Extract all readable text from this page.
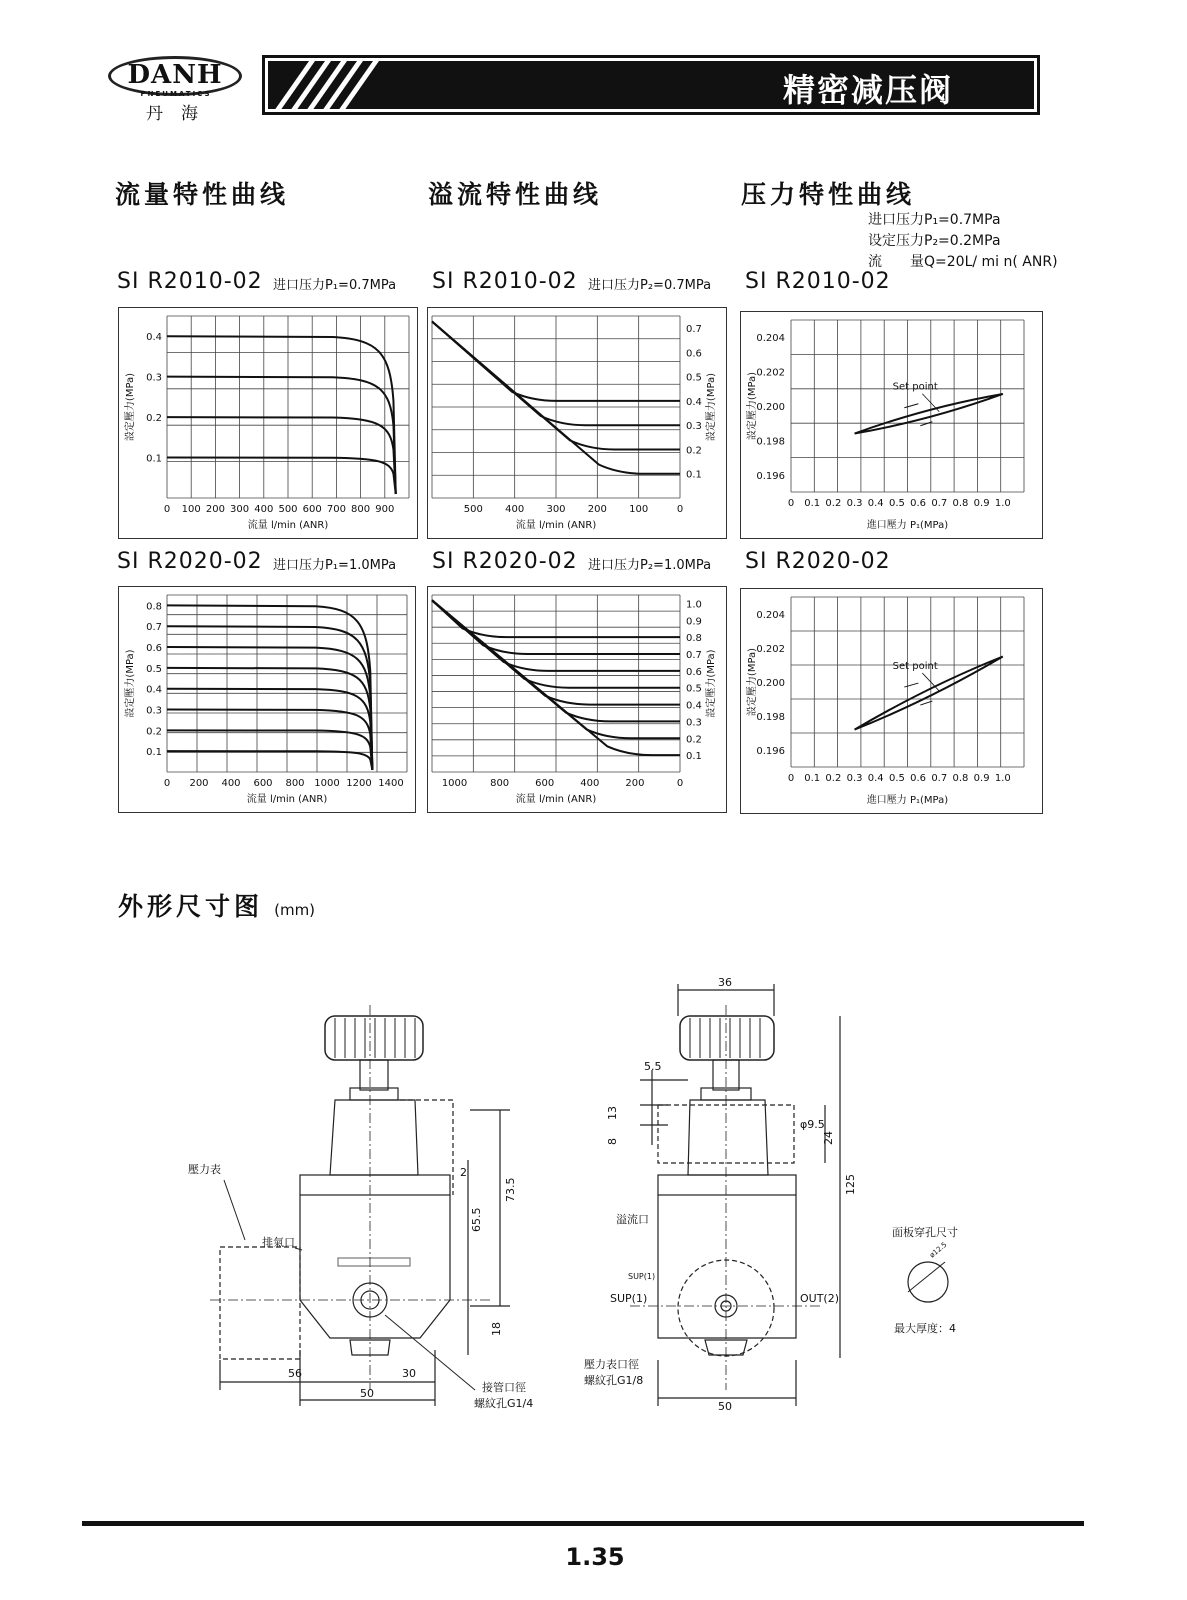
DANH
PNEUMATICS
丹海
精密减压阀
流量特性曲线	溢流特性曲线	压力特性曲线
进口压力P₁=0.7MPa
设定压力P₂=0.2MPa
流　　量Q=20L/ mi n( ANR)
SI R2010-02 进口压力P₁=0.7MPa SI R2010-02 进口压力P₂=0.7MPa SI R2010-02
SI R2020-02 进口压力P₁=1.0MPa SI R2020-02 进口压力P₂=1.0MPa SI R2020-02
0.1
0.2
0.3
0.4
0 100 200 300 400 500 600 700 800 900
流量 l/min (ANR)
設定壓力(MPa)
0.1
0.2
0.3
0.4
0.5
0.6
0.7
500 400 300 200 100	0
流量 l/min (ANR)
設定壓力(MPa)
0.196
0.198
0.200
0.202
0.204
0 0.1 0.2 0.3 0.4 0.5 0.6 0.7 0.8 0.9 1.0
Set point
進口壓力 P₁(MPa)
設定壓力(MPa)
0.1
0.2
0.3
0.4
0.5
0.6
0.7
0.8
0 200 400 600 800 1000 1200 1400
流量 l/min (ANR)
設定壓力(MPa)
0.1
0.2
0.3
0.4
0.5
0.6
0.7
0.8
0.9
1.0
1000 800	600	400	200	0
流量 l/min (ANR)
設定壓力(MPa)
0.196
0.198
0.200
0.202
0.204
0 0.1 0.2 0.3 0.4 0.5 0.6 0.7 0.8 0.9 1.0
Set point
進口壓力 P₁(MPa)
設定壓力(MPa)
外形尺寸图 (mm)
壓力表
排氣口
73.5
65.5
2
18
56	30
50	接管口徑
螺紋孔G1/4
36
5.5
13
8
φ9.5
24
125
50
溢流口
SUP(1)
SUP(1)	OUT(2)
壓力表口徑
螺紋孔G1/8
面板穿孔尺寸
ø12.5
最大厚度：4
1.35
